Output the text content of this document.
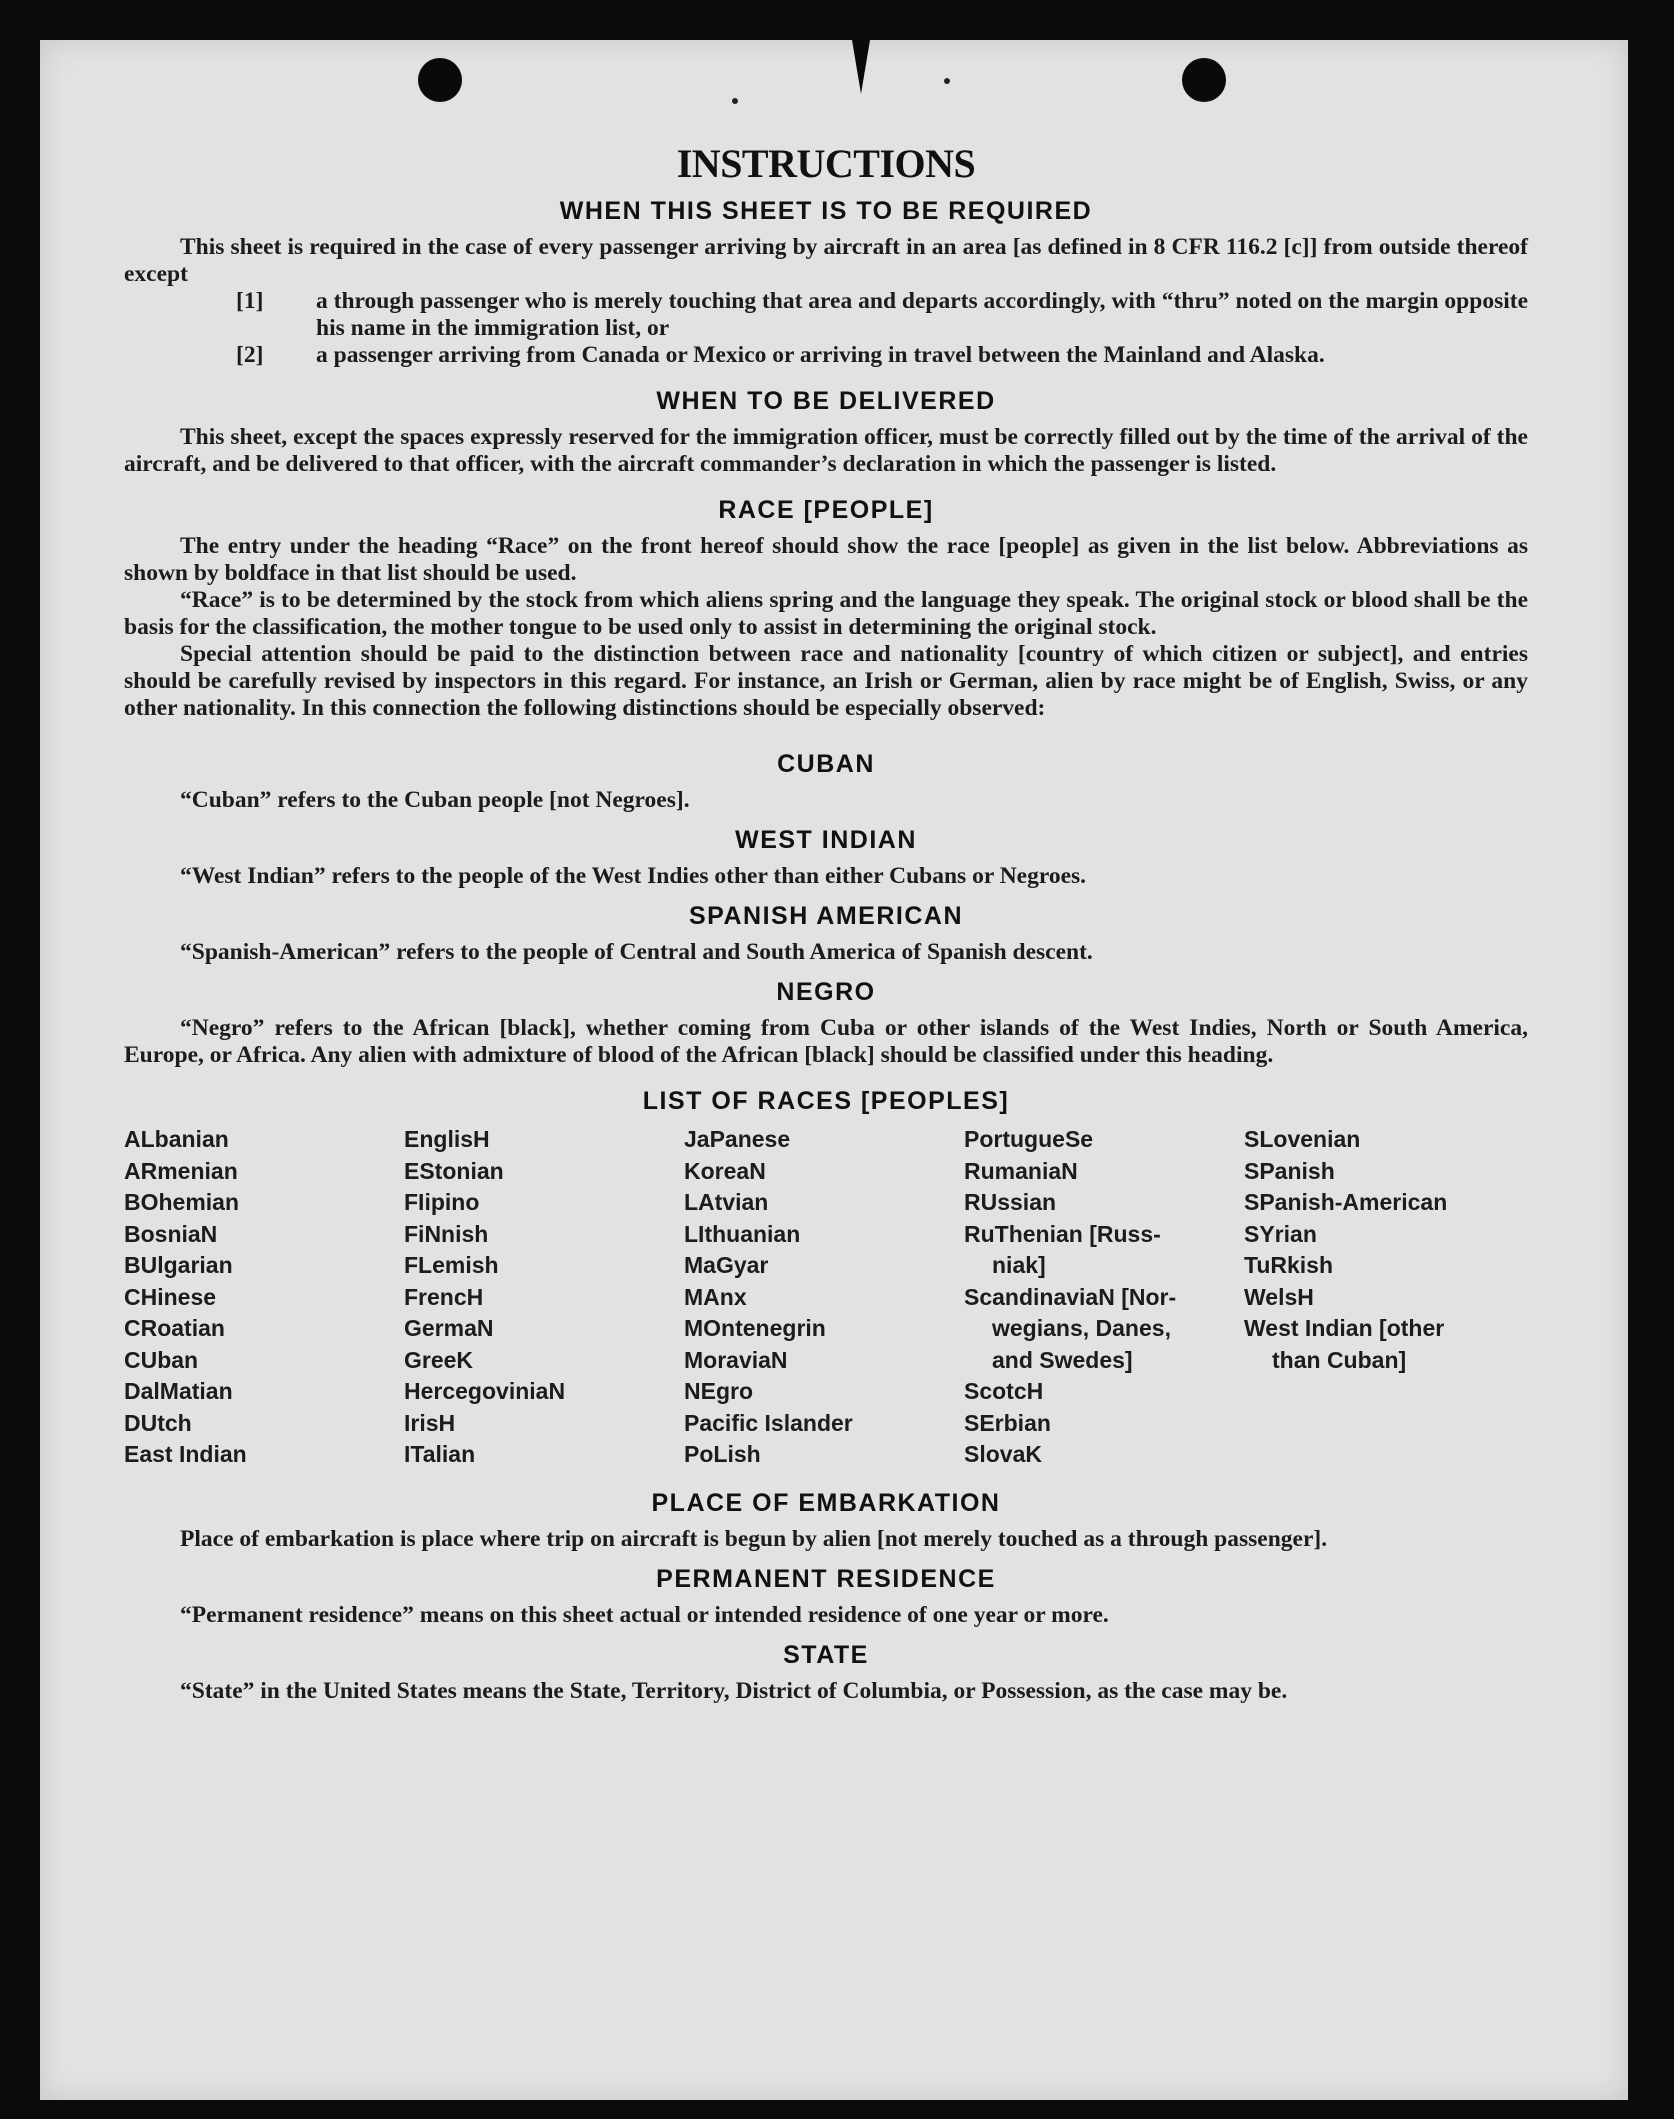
INSTRUCTIONS
WHEN THIS SHEET IS TO BE REQUIRED

This sheet is required in the case of every passenger arriving by aircraft in an area [as defined in 8 CFR 116.2 [c]] from outside thereof except

[1]	a through passenger who is merely touching that area and departs accordingly, with “thru” noted on the margin opposite his name in the immigration list, or
[2]	a passenger arriving from Canada or Mexico or arriving in travel between the Mainland and Alaska.
WHEN TO BE DELIVERED

This sheet, except the spaces expressly reserved for the immigration officer, must be correctly filled out by the time of the arrival of the aircraft, and be delivered to that officer, with the aircraft commander’s declaration in which the passenger is listed.

RACE [PEOPLE]

The entry under the heading “Race” on the front hereof should show the race [people] as given in the list below. Abbreviations as shown by boldface in that list should be used.

“Race” is to be determined by the stock from which aliens spring and the language they speak. The original stock or blood shall be the basis for the classification, the mother tongue to be used only to assist in determining the original stock.

Special attention should be paid to the distinction between race and nationality [country of which citizen or subject], and entries should be carefully revised by inspectors in this regard. For instance, an Irish or German, alien by race might be of English, Swiss, or any other nationality. In this connection the following distinctions should be especially observed:

CUBAN

“Cuban” refers to the Cuban people [not Negroes].

WEST INDIAN

“West Indian” refers to the people of the West Indies other than either Cubans or Negroes.

SPANISH AMERICAN

“Spanish-American” refers to the people of Central and South America of Spanish descent.

NEGRO

“Negro” refers to the African [black], whether coming from Cuba or other islands of the West Indies, North or South America, Europe, or Africa. Any alien with admixture of blood of the African [black] should be classified under this heading.

LIST OF RACES [PEOPLES]
ALbanian
ARmenian
BOhemian
BosniaN
BUlgarian
CHinese
CRoatian
CUban
DalMatian
DUtch
East Indian
EnglisH
EStonian
FIipino
FiNnish
FLemish
FrencH
GermaN
GreeK
HercegoviniaN
IrisH
ITalian
JaPanese
KoreaN
LAtvian
LIthuanian
MaGyar
MAnx
MOntenegrin
MoraviaN
NEgro
Pacific Islander
PoLish
PortugueSe
RumaniaN
RUssian
RuThenian [Russ-
niak]
ScandinaviaN [Nor-
wegians, Danes,
and Swedes]
ScotcH
SErbian
SlovaK
SLovenian
SPanish
SPanish-American
SYrian
TuRkish
WelsH
West Indian [other
than Cuban]
PLACE OF EMBARKATION

Place of embarkation is place where trip on aircraft is begun by alien [not merely touched as a through passenger].

PERMANENT RESIDENCE

“Permanent residence” means on this sheet actual or intended residence of one year or more.

STATE

“State” in the United States means the State, Territory, District of Columbia, or Possession, as the case may be.
